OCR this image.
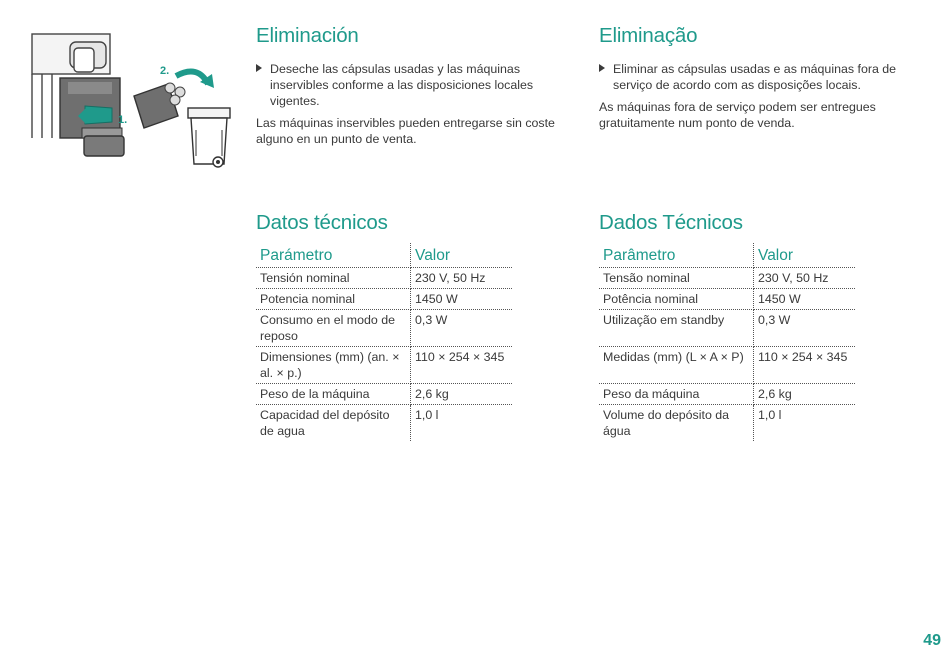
1.
2.
Eliminación

Deseche las cápsulas usadas y las máquinas inservibles conforme a las disposiciones locales vigentes.

Las máquinas inservibles pueden entregarse sin coste alguno en un punto de venta.

Datos técnicos
Parámetro	Valor
Tensión nominal	230 V, 50 Hz
Potencia nominal	1450 W
Consumo en el modo de reposo	0,3 W
Dimensiones (mm) (an. × al. × p.)	110 × 254 × 345
Peso de la máquina	2,6 kg
Capacidad del depósito de agua	1,0 l
Eliminação

Eliminar as cápsulas usadas e as máquinas fora de serviço de acordo com as disposições locais.

As máquinas fora de serviço podem ser entregues gratuitamente num ponto de venda.

Dados Técnicos
Parâmetro	Valor
Tensão nominal	230 V, 50 Hz
Potência nominal	1450 W
Utilização em standby	0,3 W
Medidas (mm) (L × A × P)	110 × 254 × 345
Peso da máquina	2,6 kg
Volume do depósito da água	1,0 l
49
